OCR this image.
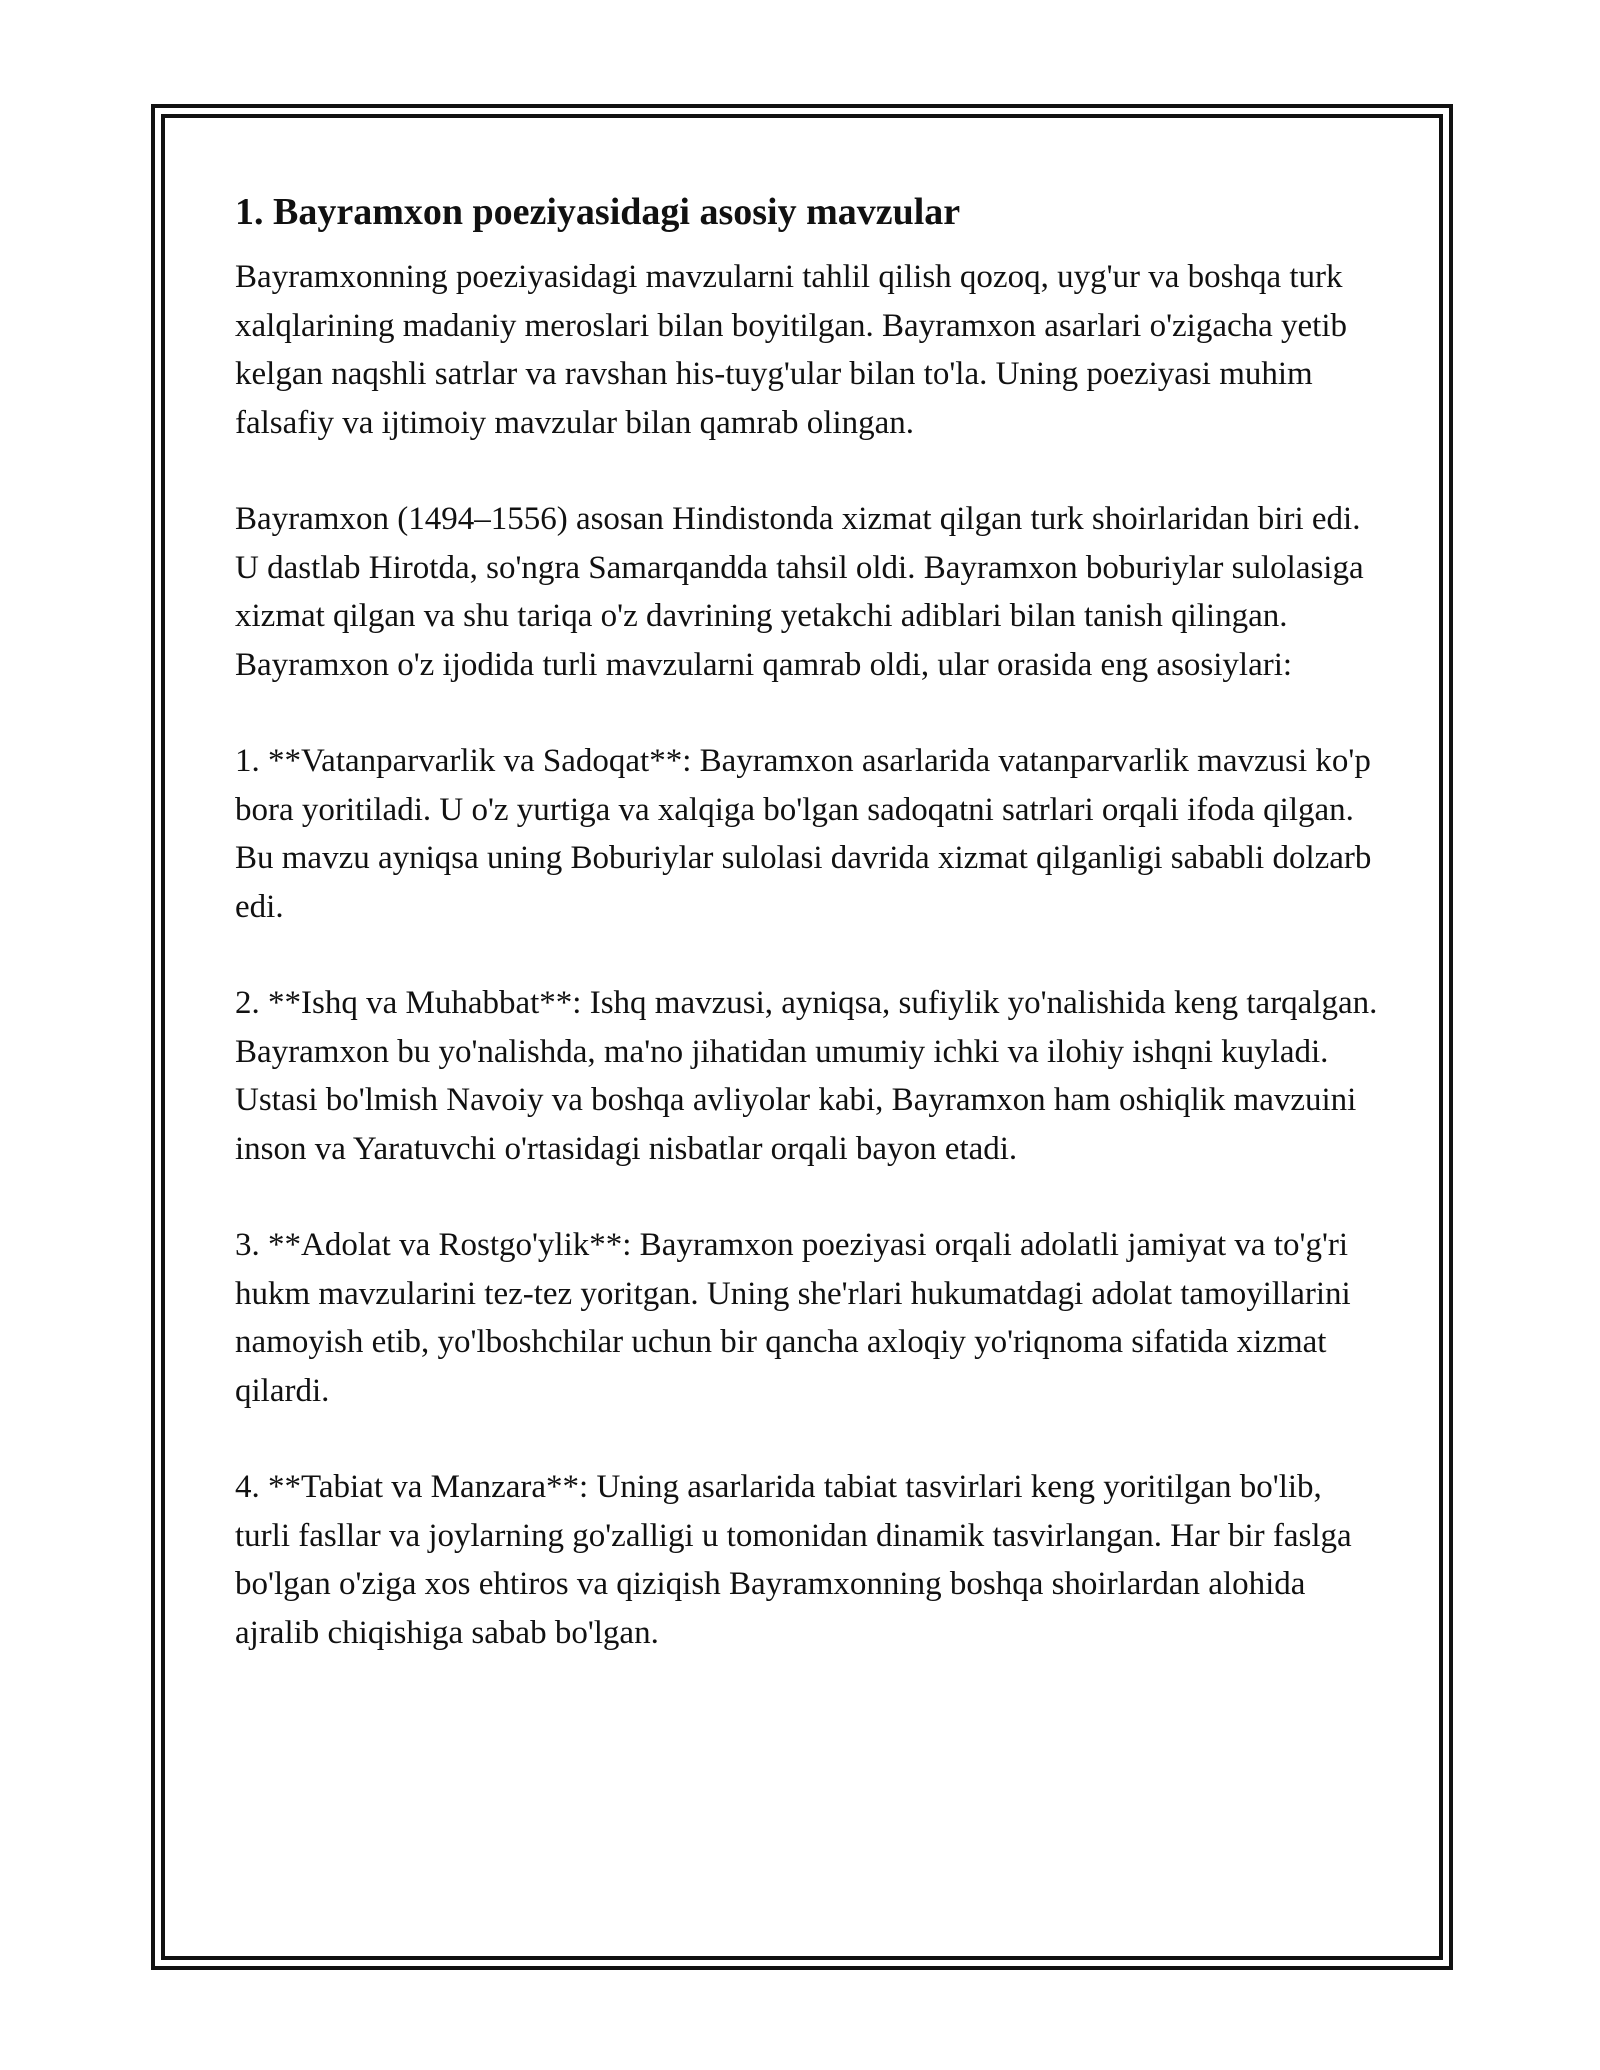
1. Bayramxon poeziyasidagi asosiy mavzular

Bayramxonning poeziyasidagi mavzularni tahlil qilish qozoq, uyg'ur va boshqa turk xalqlarining madaniy meroslari bilan boyitilgan. Bayramxon asarlari o'zigacha yetib kelgan naqshli satrlar va ravshan his-tuyg'ular bilan to'la. Uning poeziyasi muhim falsafiy va ijtimoiy mavzular bilan qamrab olingan.

Bayramxon (1494–1556) asosan Hindistonda xizmat qilgan turk shoirlaridan biri edi. U dastlab Hirotda, so'ngra Samarqandda tahsil oldi. Bayramxon boburiylar sulolasiga xizmat qilgan va shu tariqa o'z davrining yetakchi adiblari bilan tanish qilingan. Bayramxon o'z ijodida turli mavzularni qamrab oldi, ular orasida eng asosiylari:

1. **Vatanparvarlik va Sadoqat**: Bayramxon asarlarida vatanparvarlik mavzusi ko'p bora yoritiladi. U o'z yurtiga va xalqiga bo'lgan sadoqatni satrlari orqali ifoda qilgan. Bu mavzu ayniqsa uning Boburiylar sulolasi davrida xizmat qilganligi sababli dolzarb edi.

2. **Ishq va Muhabbat**: Ishq mavzusi, ayniqsa, sufiylik yo'nalishida keng tarqalgan. Bayramxon bu yo'nalishda, ma'no jihatidan umumiy ichki va ilohiy ishqni kuyladi. Ustasi bo'lmish Navoiy va boshqa avliyolar kabi, Bayramxon ham oshiqlik mavzuini inson va Yaratuvchi o'rtasidagi nisbatlar orqali bayon etadi.

3. **Adolat va Rostgo'ylik**: Bayramxon poeziyasi orqali adolatli jamiyat va to'g'ri hukm mavzularini tez-tez yoritgan. Uning she'rlari hukumatdagi adolat tamoyillarini namoyish etib, yo'lboshchilar uchun bir qancha axloqiy yo'riqnoma sifatida xizmat qilardi.

4. **Tabiat va Manzara**: Uning asarlarida tabiat tasvirlari keng yoritilgan bo'lib, turli fasllar va joylarning go'zalligi u tomonidan dinamik tasvirlangan. Har bir faslga bo'lgan o'ziga xos ehtiros va qiziqish Bayramxonning boshqa shoirlardan alohida ajralib chiqishiga sabab bo'lgan.
